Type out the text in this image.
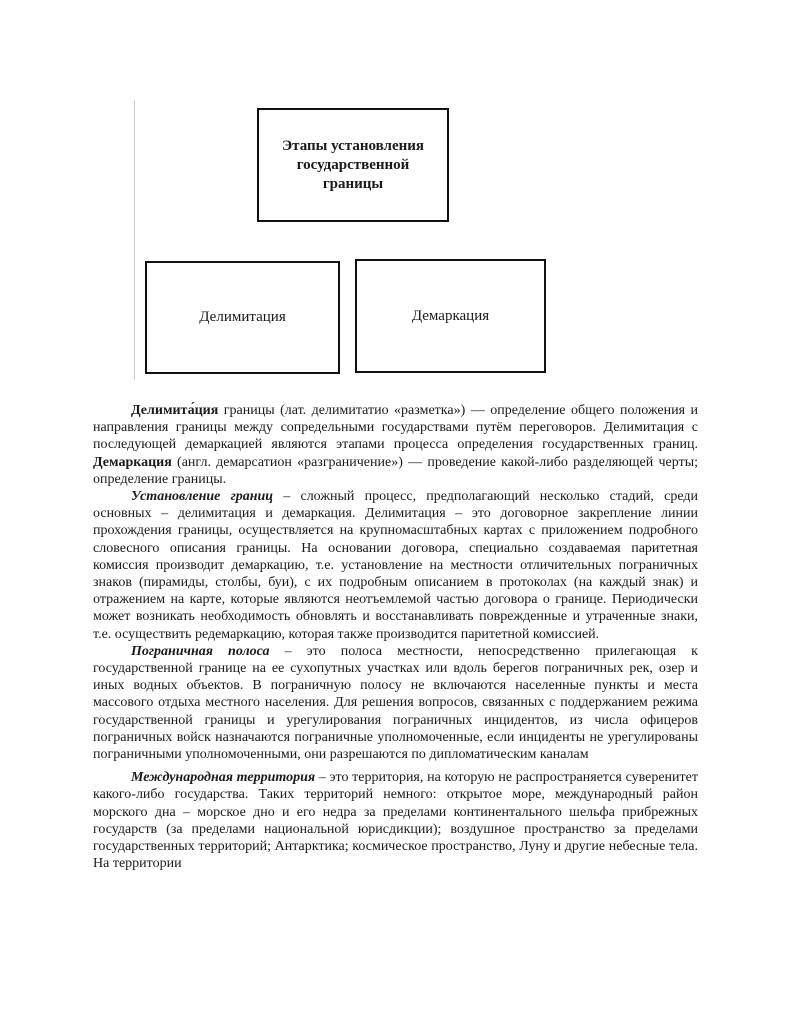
Этапы установления государственной границы
Делимитация	Демаркация

Делимита́ция границы (лат. делимитатио «разметка») — определение общего положения и направления границы между сопредельными государствами путём переговоров. Делимитация с последующей демаркацией являются этапами процесса определения государственных границ. Демаркация (англ. демарсатион «разграничение») — проведение какой-либо разделяющей черты; определение границы.

Установление границ – сложный процесс, предполагающий несколько стадий, среди основных – делимитация и демаркация. Делимитация – это договорное закрепление линии прохождения границы, осуществляется на крупномасштабных картах с приложением подробного словесного описания границы. На основании договора, специально создаваемая паритетная комиссия производит демаркацию, т.е. установление на местности отличительных пограничных знаков (пирамиды, столбы, буи), с их подробным описанием в протоколах (на каждый знак) и отражением на карте, которые являются неотъемлемой частью договора о границе. Периодически может возникать необходимость обновлять и восстанавливать поврежденные и утраченные знаки, т.е. осуществить редемаркацию, которая также производится паритетной комиссией.

Пограничная полоса – это полоса местности, непосредственно прилегающая к государственной границе на ее сухопутных участках или вдоль берегов пограничных рек, озер и иных водных объектов. В пограничную полосу не включаются населенные пункты и места массового отдыха местного населения. Для решения вопросов, связанных с поддержанием режима государственной границы и урегулирования пограничных инцидентов, из числа офицеров пограничных войск назначаются пограничные уполномоченные, если инциденты не урегулированы пограничными уполномоченными, они разрешаются по дипломатическим каналам

Международная территория – это территория, на которую не распространяется суверенитет какого-либо государства. Таких территорий немного: открытое море, международный район морского дна – морское дно и его недра за пределами континентального шельфа прибрежных государств (за пределами национальной юрисдикции); воздушное пространство за пределами государственных территорий; Антарктика; космическое пространство, Луну и другие небесные тела. На территории
